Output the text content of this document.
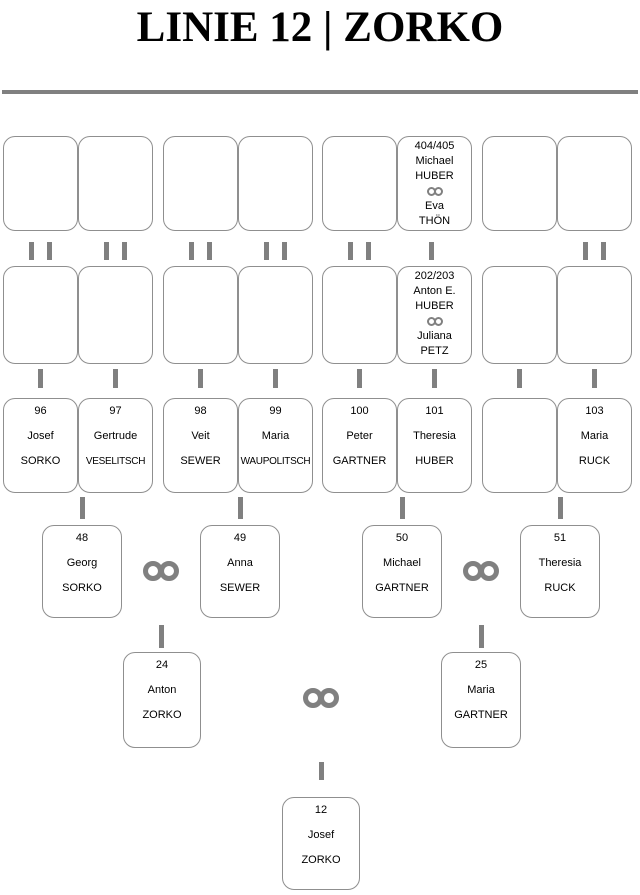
LINIE 12 | ZORKO
404/405
Michael
HUBER
Eva
THÖN
202/203
Anton E.
HUBER
Juliana
PETZ
96
Josef
SORKO
97
Gertrude
VESELITSCH
98
Veit
SEWER
99
Maria
WAUPOLITSCH
100
Peter
GARTNER
101
Theresia
HUBER
103
Maria
RUCK
48
Georg
SORKO
49
Anna
SEWER
50
Michael
GARTNER
51
Theresia
RUCK
24
Anton
ZORKO
25
Maria
GARTNER
12
Josef
ZORKO
